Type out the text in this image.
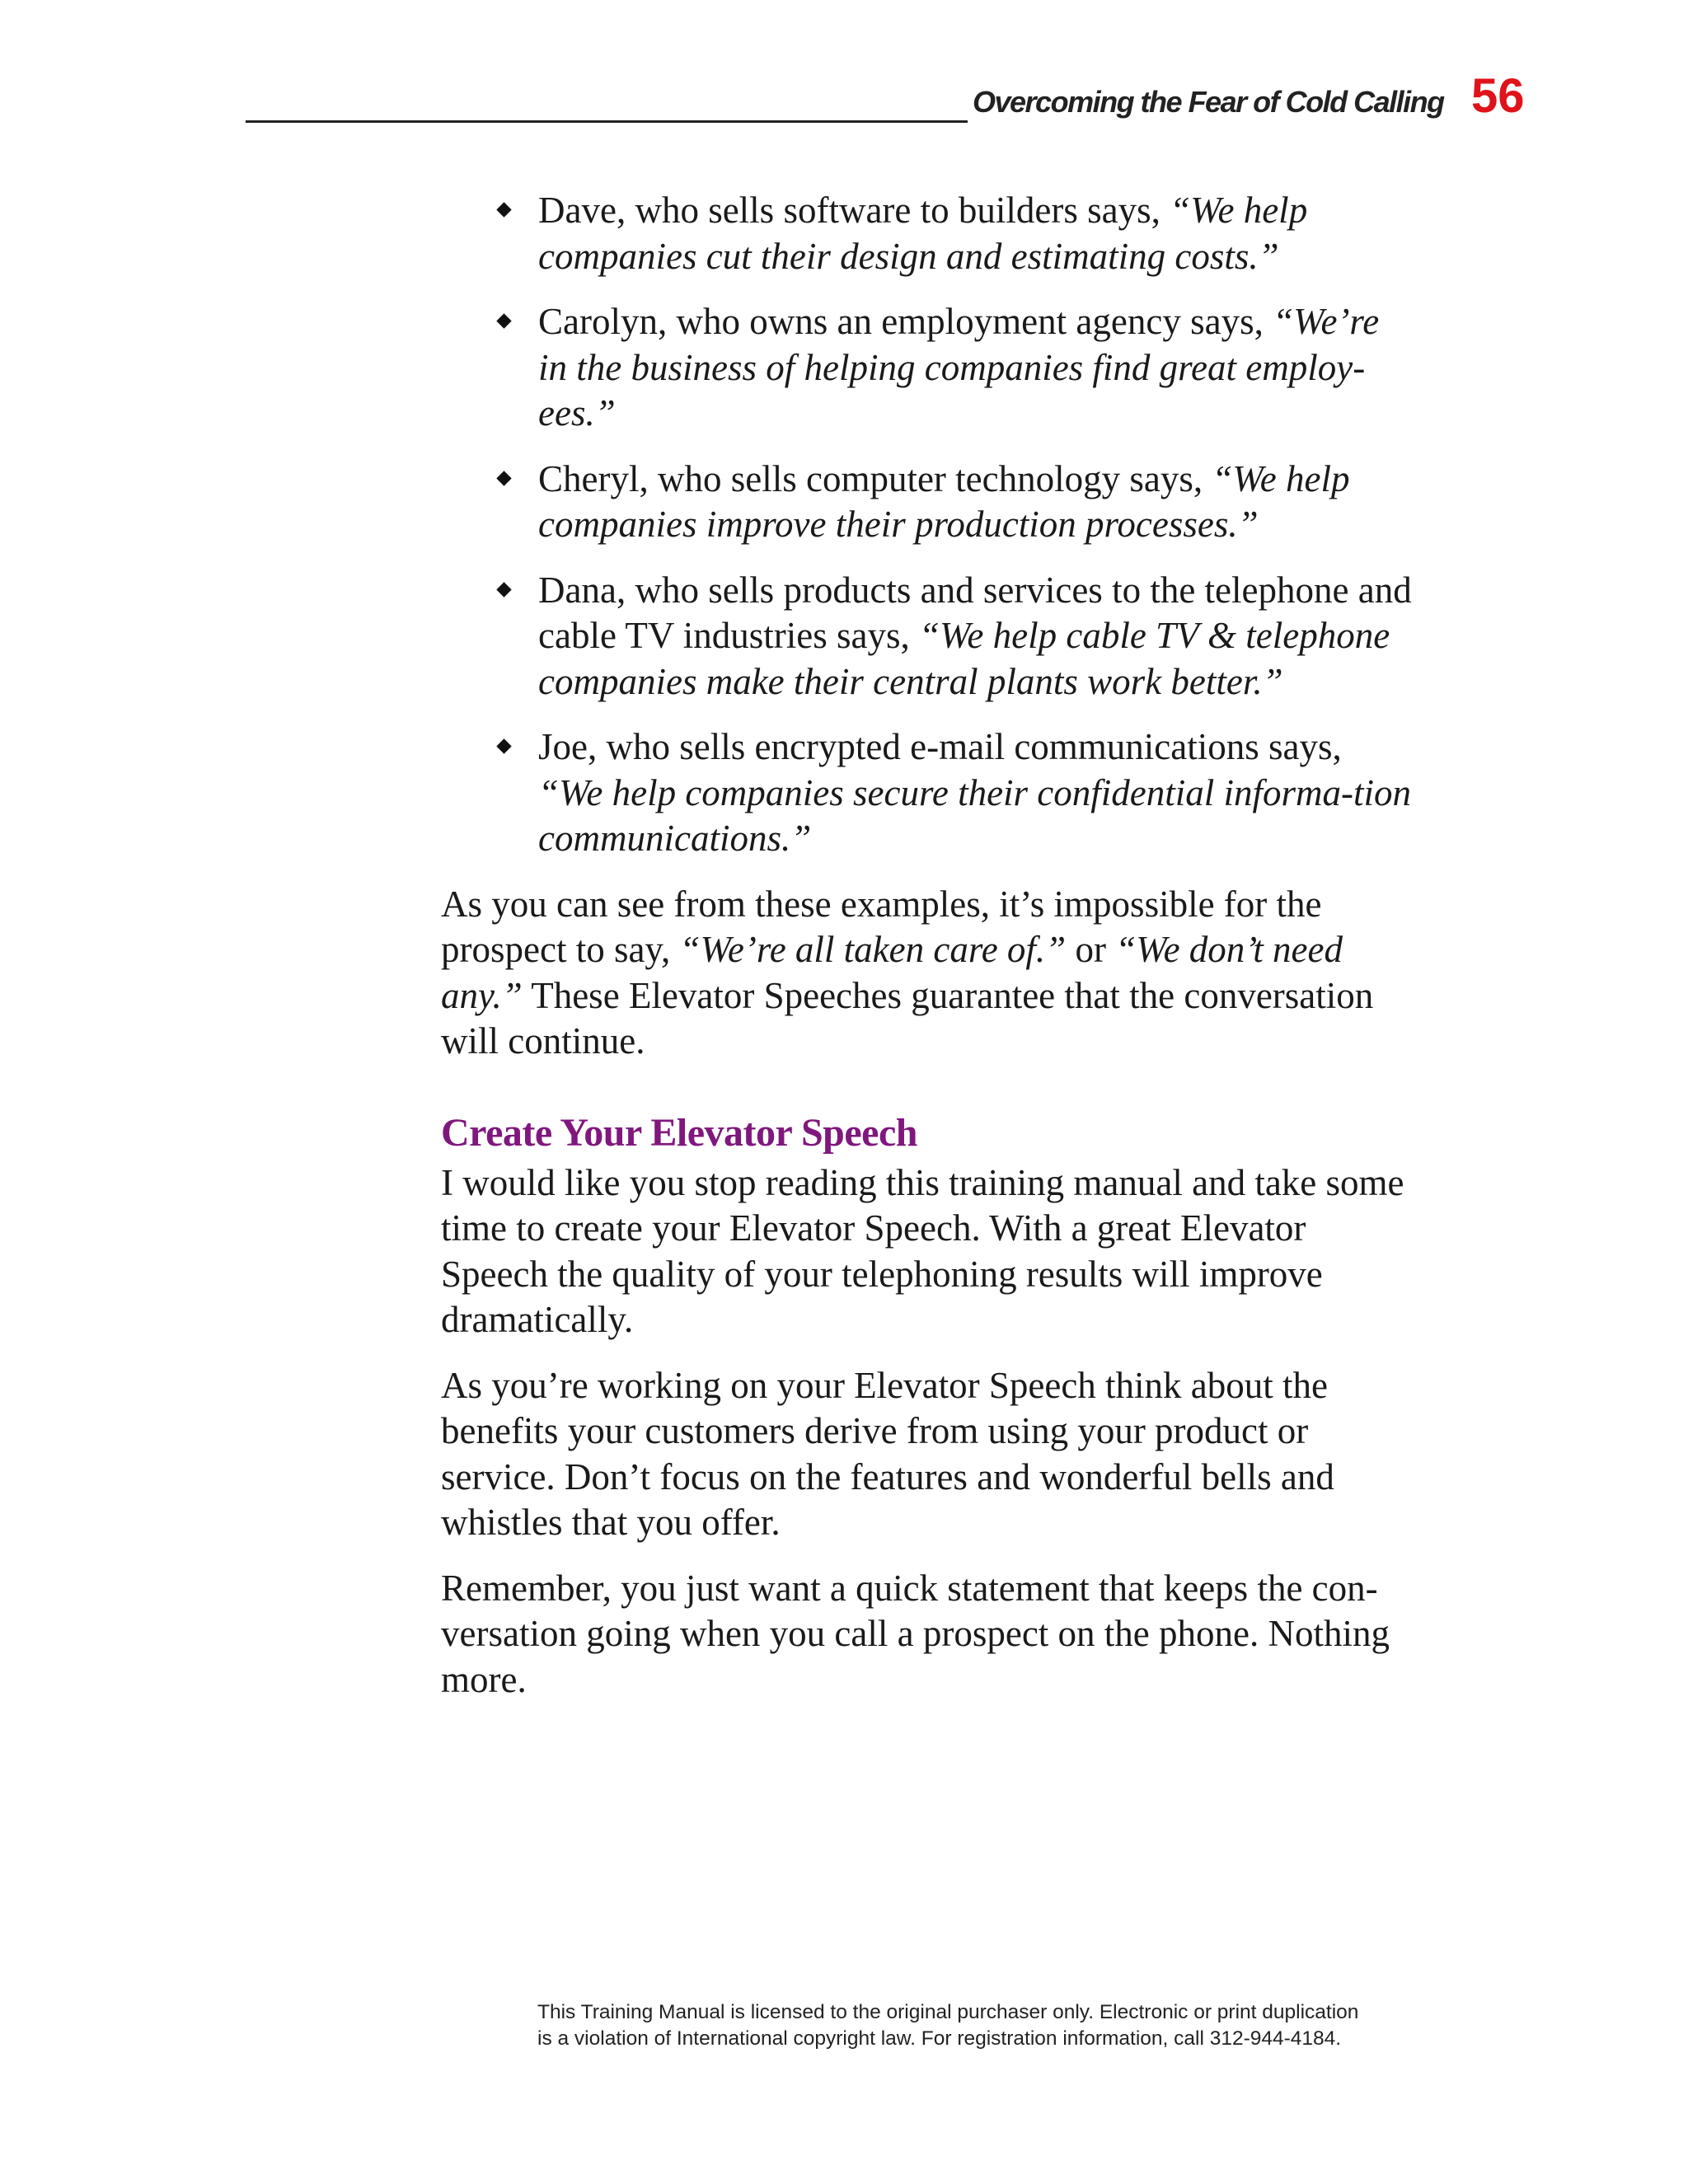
Overcoming the Fear of Cold Calling 56
Dave, who sells software to builders says, “We help companies cut their design and estimating costs.”
Carolyn, who owns an employment agency says, “We’re in the business of helping companies find great employ-ees.”
Cheryl, who sells computer technology says, “We help companies improve their production processes.”
Dana, who sells products and services to the telephone and cable TV industries says, “We help cable TV & telephone companies make their central plants work better.”
Joe, who sells encrypted e-mail communications says, “We help companies secure their confidential informa-tion communications.”

As you can see from these examples, it’s impossible for the prospect to say, “We’re all taken care of.” or “We don’t need any.” These Elevator Speeches guarantee that the conversation will continue.

Create Your Elevator Speech

I would like you stop reading this training manual and take some time to create your Elevator Speech. With a great Elevator Speech the quality of your telephoning results will improve dramatically.

As you’re working on your Elevator Speech think about the benefits your customers derive from using your product or service. Don’t focus on the features and wonderful bells and whistles that you offer.

Remember, you just want a quick statement that keeps the con-versation going when you call a prospect on the phone. Nothing more.

This Training Manual is licensed to the original purchaser only. Electronic or print duplication

is a violation of International copyright law. For registration information, call 312-944-4184.
